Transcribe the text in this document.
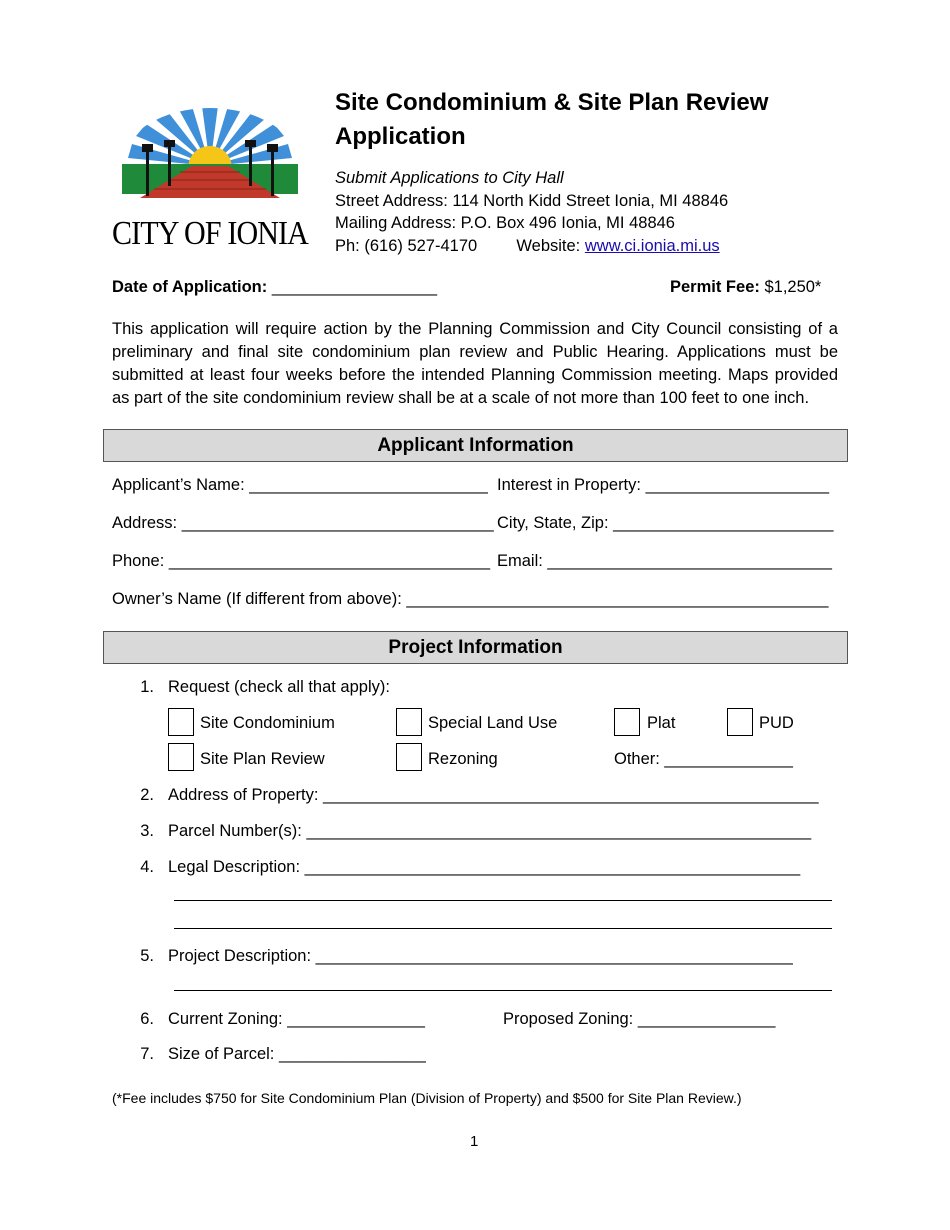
CITY OF IONIA
Site Condominium & Site Plan Review Application
Submit Applications to City Hall
Street Address: 114 North Kidd Street Ionia, MI 48846
Mailing Address: P.O. Box 496 Ionia, MI 48846
Ph: (616) 527-4170 Website: www.ci.ionia.mi.us
Date of Application: __________________	Permit Fee: $1,250*
This application will require action by the Planning Commission and City Council consisting of a preliminary and final site condominium plan review and Public Hearing. Applications must be submitted at least four weeks before the intended Planning Commission meeting. Maps provided as part of the site condominium review shall be at a scale of not more than 100 feet to one inch.
Applicant Information
Applicant’s Name: __________________________ Interest in Property: ____________________
Address: __________________________________ City, State, Zip: ________________________
Phone: ___________________________________ Email: _______________________________
Owner’s Name (If different from above): ______________________________________________
Project Information
1. Request (check all that apply):
Site Condominium	Special Land Use	Plat	PUD
Site Plan Review	Rezoning	Other: ______________
2. Address of Property: ______________________________________________________
3. Parcel Number(s): _______________________________________________________
4. Legal Description: ______________________________________________________
5. Project Description: ____________________________________________________
6. Current Zoning: _______________	Proposed Zoning: _______________
7. Size of Parcel: ________________
(*Fee includes $750 for Site Condominium Plan (Division of Property) and $500 for Site Plan Review.)
1
